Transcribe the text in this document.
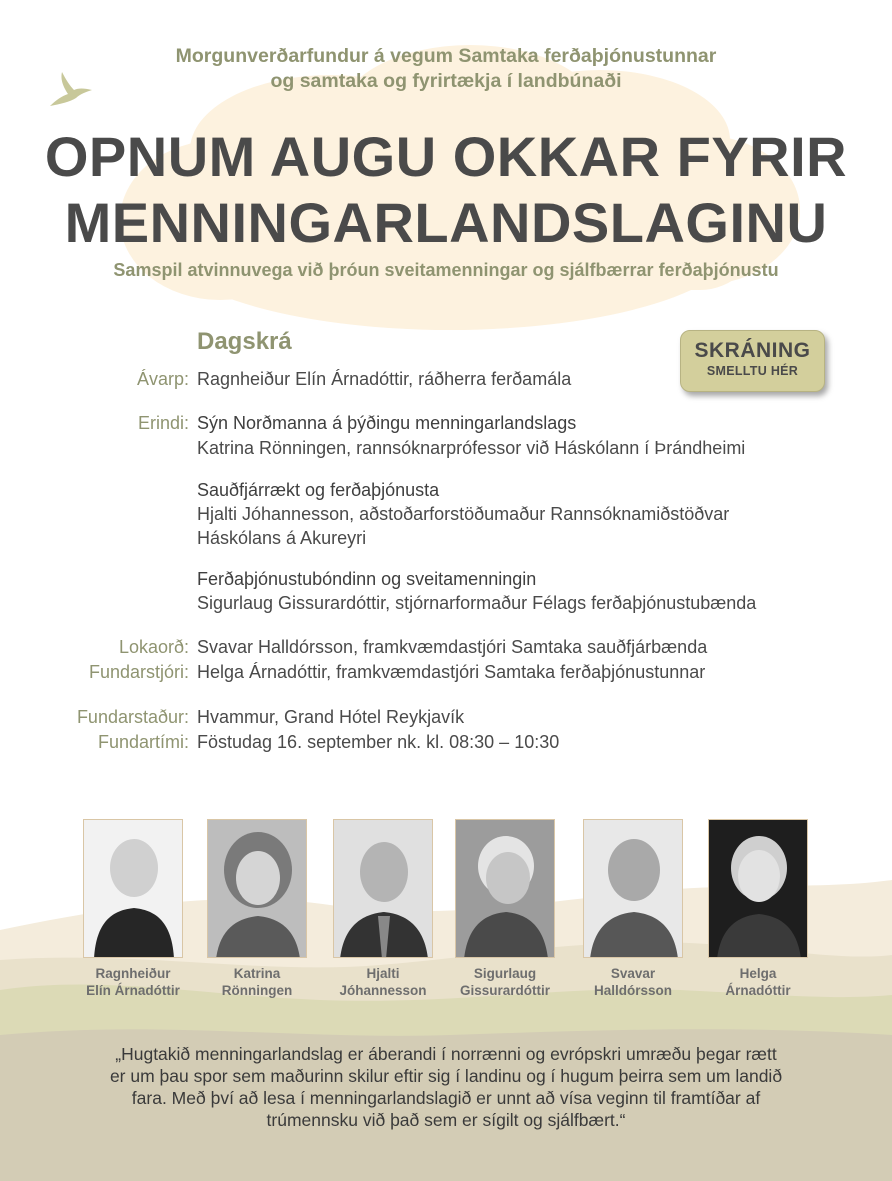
Morgunverðarfundur á vegum Samtaka ferðaþjónustunnar
og samtaka og fyrirtækja í landbúnaði
OPNUM AUGU OKKAR FYRIR
MENNINGARLANDSLAGINU
Samspil atvinnuvega við þróun sveitamenningar og sjálfbærrar ferðaþjónustu
Dagskrá	SKRÁNING
SMELLTU HÉR
Ávarp: Ragnheiður Elín Árnadóttir, ráðherra ferðamála
Erindi: Sýn Norðmanna á þýðingu menningarlandslags
Katrina Rönningen, rannsóknarprófessor við Háskólann í Þrándheimi
Sauðfjárrækt og ferðaþjónusta
Hjalti Jóhannesson, aðstoðarforstöðumaður Rannsóknamiðstöðvar
Háskólans á Akureyri
Ferðaþjónustubóndinn og sveitamenningin
Sigurlaug Gissurardóttir, stjórnarformaður Félags ferðaþjónustubænda
Lokaorð: Svavar Halldórsson, framkvæmdastjóri Samtaka sauðfjárbænda
Fundarstjóri: Helga Árnadóttir, framkvæmdastjóri Samtaka ferðaþjónustunnar
Fundarstaður: Hvammur, Grand Hótel Reykjavík
Fundartími: Föstudag 16. september nk. kl. 08:30 – 10:30
Ragnheiður
Elín Árnadóttir
Katrina
Rönningen
Hjalti
Jóhannesson
Sigurlaug
Gissurardóttir
Svavar
Halldórsson
Helga
Árnadóttir
„Hugtakið menningarlandslag er áberandi í norrænni og evrópskri umræðu þegar rætt
er um þau spor sem maðurinn skilur eftir sig í landinu og í hugum þeirra sem um landið
fara. Með því að lesa í menningarlandslagið er unnt að vísa veginn til framtíðar af
trúmennsku við það sem er sígilt og sjálfbært.“
